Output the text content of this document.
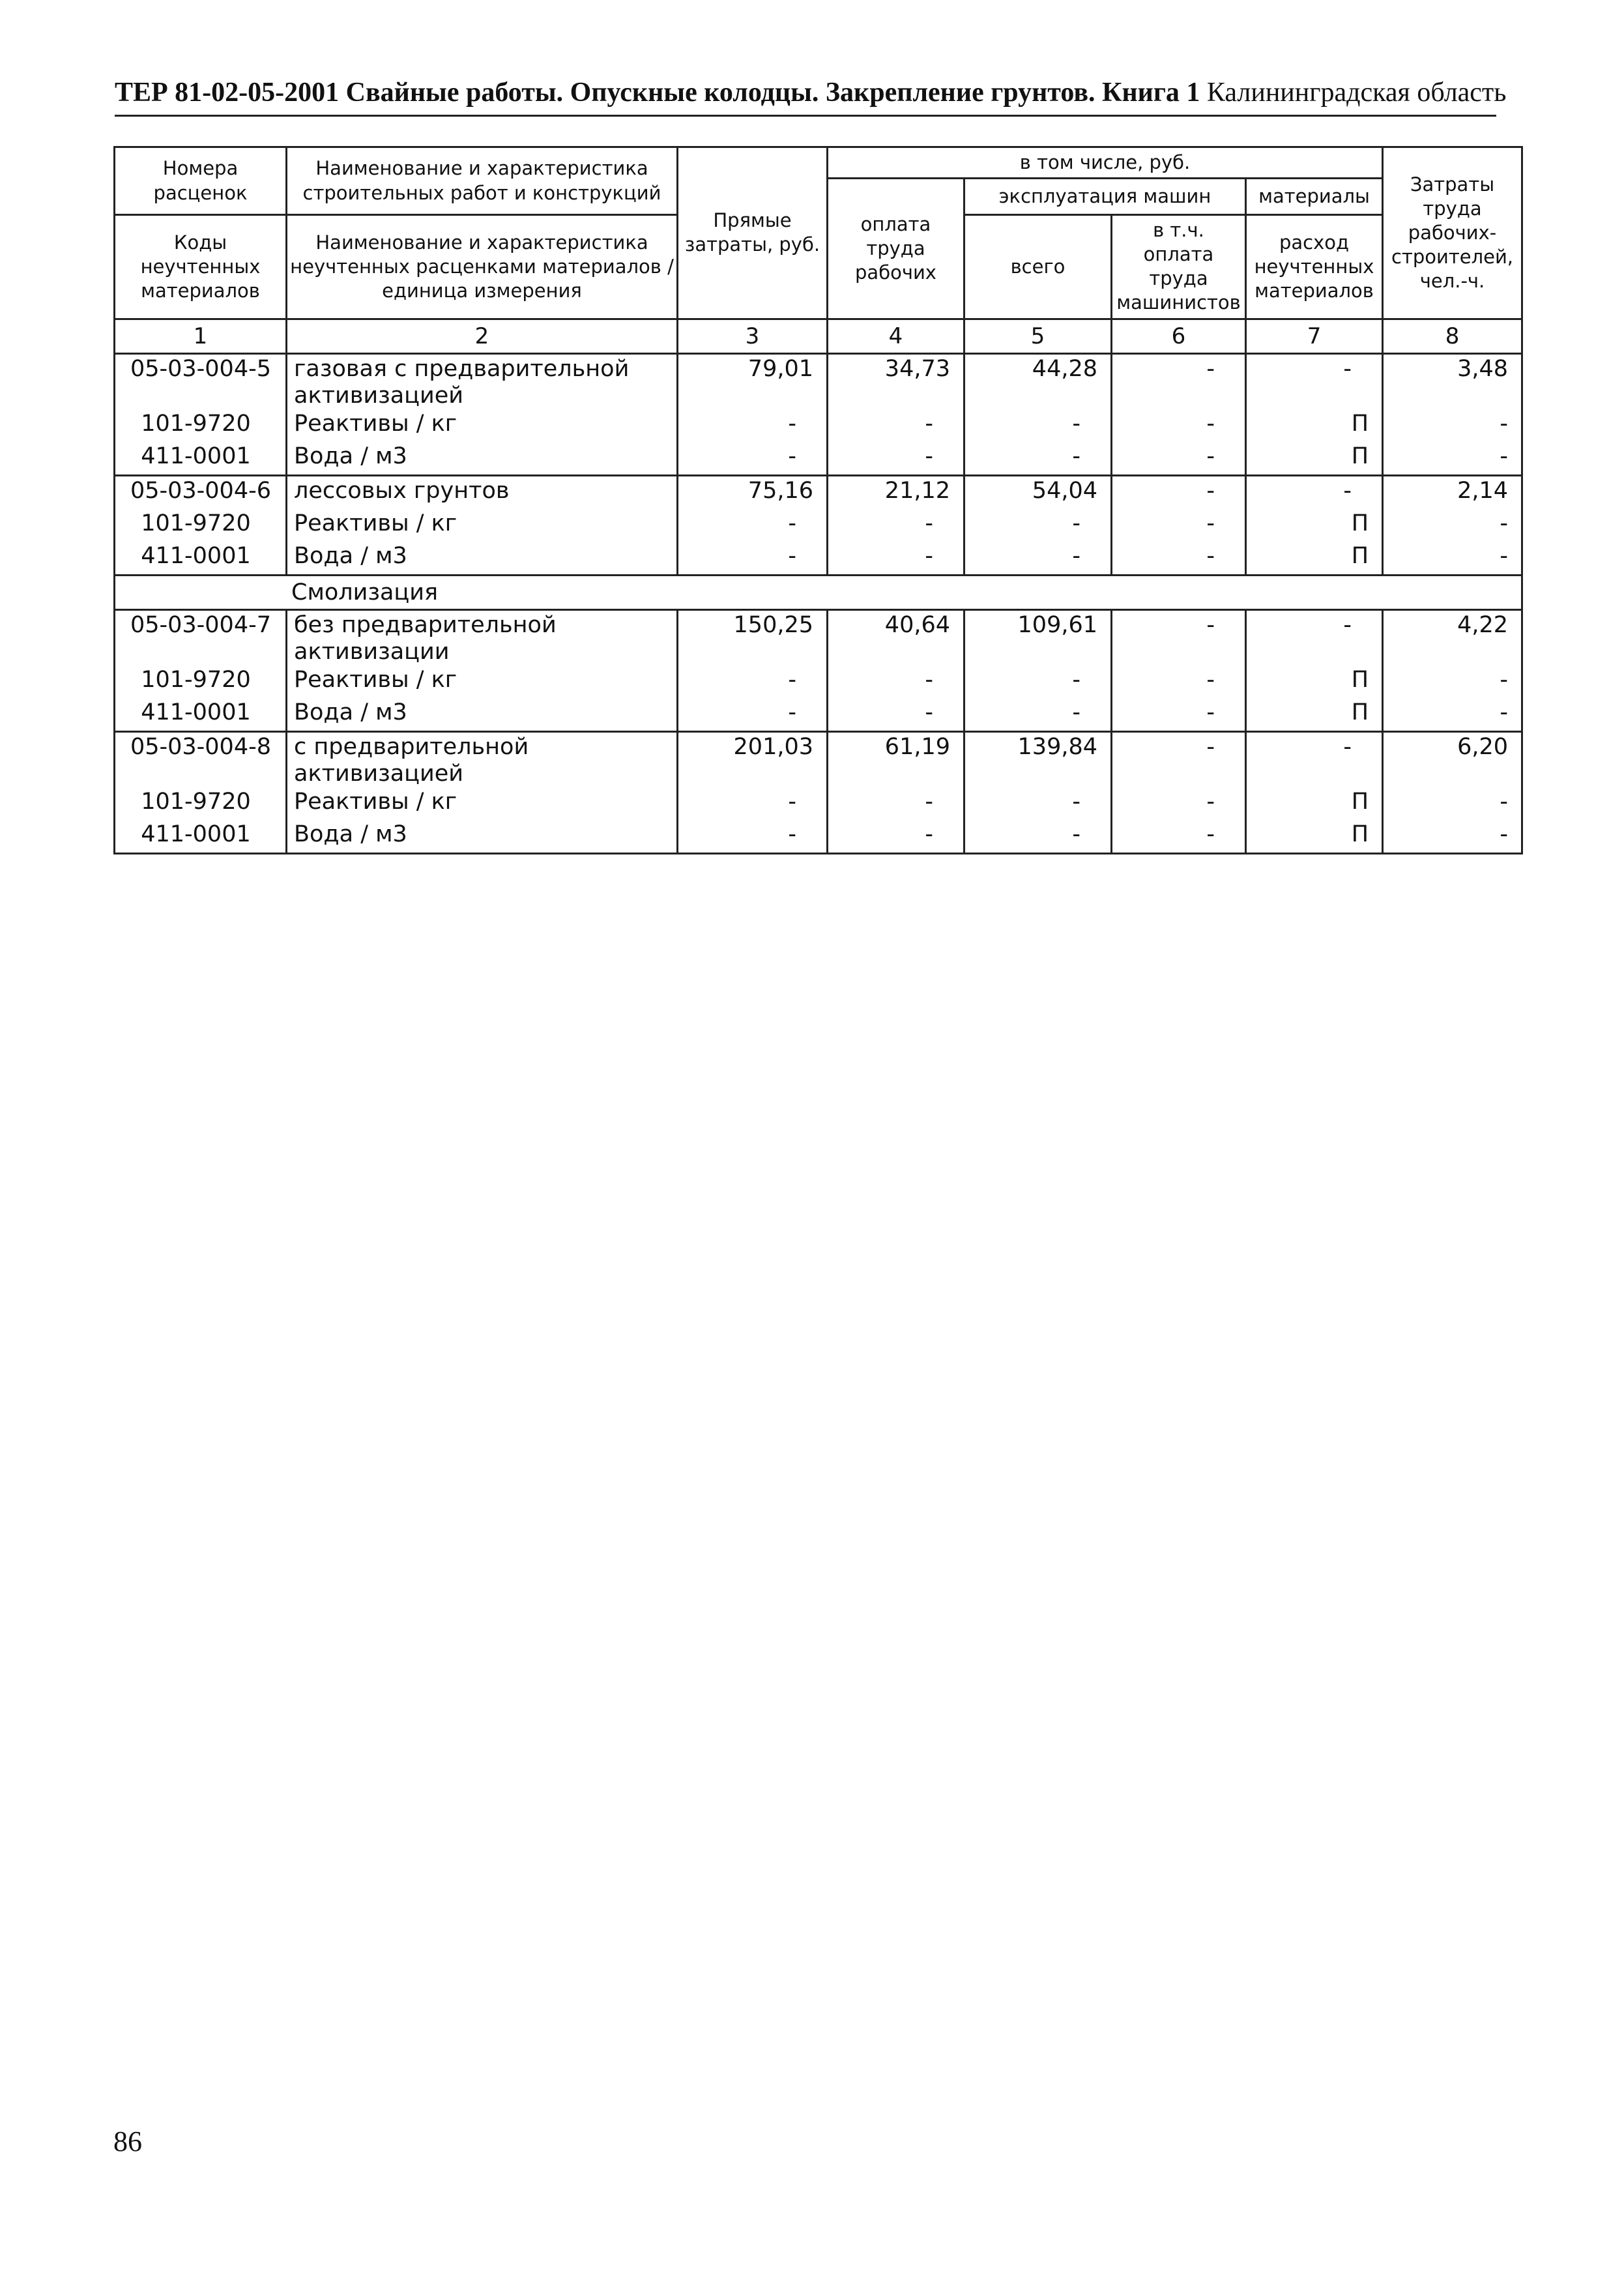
ТЕР 81-02-05-2001 Свайные работы. Опускные колодцы. Закрепление грунтов. Книга 1 Калининградская область
Номера расценок	Наименование и характеристика строительных работ и конструкций	Прямые затраты, руб.	в том числе, руб.				Затраты труда рабочих-строителей, чел.-ч.
			оплата труда рабочих	эксплуатация машин		материалы	
Коды неучтенных материалов	Наименование и характеристика неучтенных расценками материалов / единица измерения			всего	в т.ч. оплата труда машинистов	расход неучтенных материалов	

1	2	3	4	5	6	7	8
05-03-004-5	газовая с предварительной активизацией	79,01	34,73	44,28	-	-	3,48
101-9720	Реактивы / кг	-	-	-	-	П	-
411-0001	Вода / м3	-	-	-	-	П	-
05-03-004-6	лессовых грунтов	75,16	21,12	54,04	-	-	2,14
101-9720	Реактивы / кг	-	-	-	-	П	-
411-0001	Вода / м3	-	-	-	-	П	-
Смолизация							
05-03-004-7	без предварительной активизации	150,25	40,64	109,61	-	-	4,22
101-9720	Реактивы / кг	-	-	-	-	П	-
411-0001	Вода / м3	-	-	-	-	П	-
05-03-004-8	с предварительной активизацией	201,03	61,19	139,84	-	-	6,20
101-9720	Реактивы / кг	-	-	-	-	П	-
411-0001	Вода / м3	-	-	-	-	П	-
86
